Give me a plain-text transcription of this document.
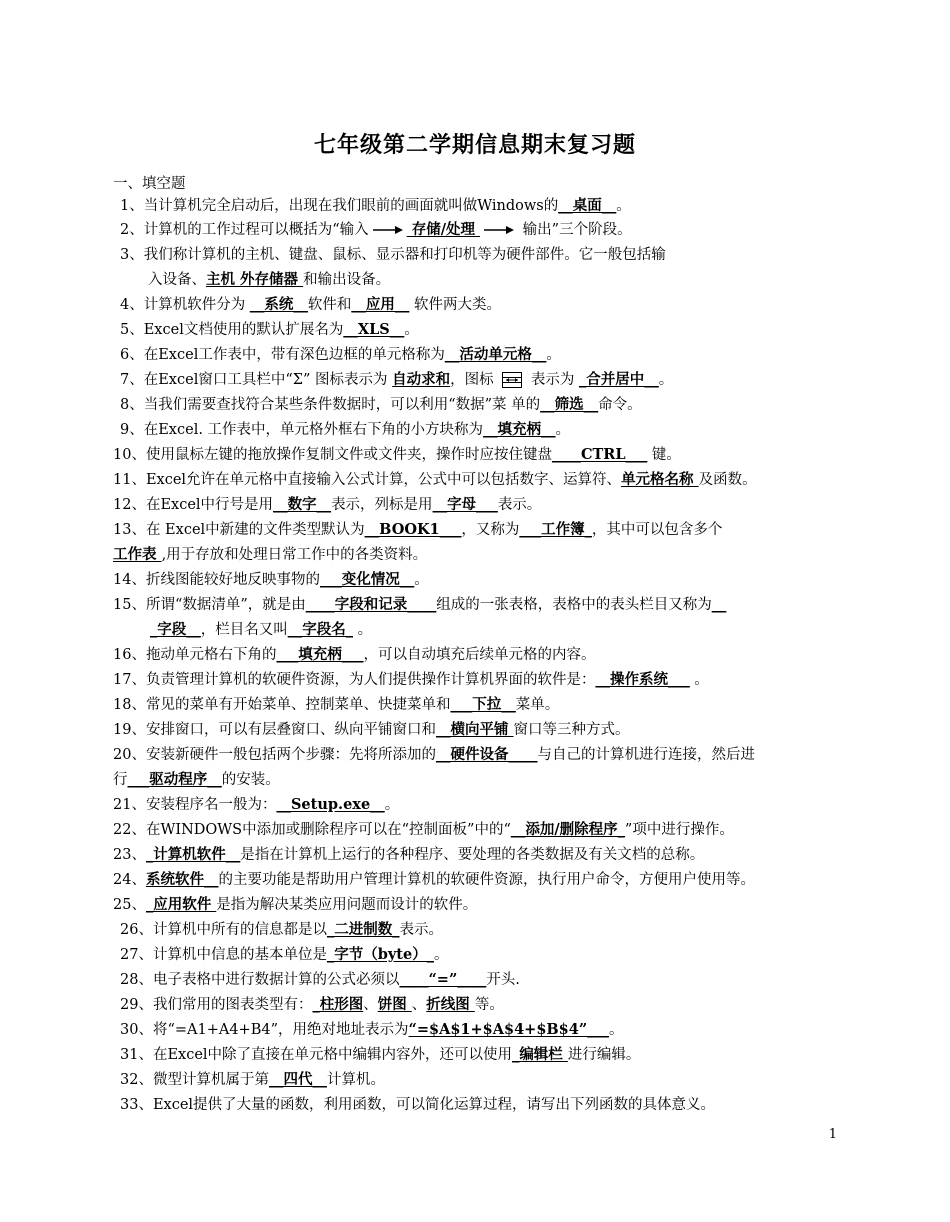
七年级第二学期信息期末复习题
一、填空题
1、当计算机完全启动后，出现在我们眼前的画面就叫做Windows的__桌面__。
2、计算机的工作过程可以概括为“输入	存储/处理	输出”三个阶段。
3、我们称计算机的主机、键盘、鼠标、显示器和打印机等为硬件部件。它一般包括输
入设备、主机 外存储器 和输出设备。
4、计算机软件分为 __系统__软件和__应用__ 软件两大类。
5、Excel文档使用的默认扩展名为__XLS__。
6、在Excel工作表中，带有深色边框的单元格称为__活动单元格__。
7、在Excel窗口工具栏中“Σ” 图标表示为 自动求和，图标  表示为 _合并居中__。
8、当我们需要查找符合某些条件数据时，可以利用“数据”菜 单的__筛选__命令。
9、在Excel. 工作表中，单元格外框右下角的小方块称为__填充柄__。
10、使用鼠标左键的拖放操作复制文件或文件夹，操作时应按住键盘____CTRL___ 键。
11、Excel允许在单元格中直接输入公式计算，公式中可以包括数字、运算符、单元格名称 及函数。
12、在Excel中行号是用__数字__表示，列标是用__字母___表示。
13、在 Excel中新建的文件类型默认为__BOOK1___，又称为___工作簿_，其中可以包含多个
工作表 ,用于存放和处理日常工作中的各类资料。
14、折线图能较好地反映事物的___变化情况__。
15、所谓“数据清单”，就是由____字段和记录____组成的一张表格，表格中的表头栏目又称为__
_字段__，栏目名又叫__字段名_ 。
16、拖动单元格右下角的___填充柄___，可以自动填充后续单元格的内容。
17、负责管理计算机的软硬件资源，为人们提供操作计算机界面的软件是：__操作系统___ 。
18、常见的菜单有开始菜单、控制菜单、快捷菜单和___下拉__菜单。
19、安排窗口，可以有层叠窗口、纵向平铺窗口和__横向平铺 窗口等三种方式。
20、安装新硬件一般包括两个步骤：先将所添加的__硬件设备____与自己的计算机进行连接，然后进
行___驱动程序__的安装。
21、安装程序名一般为：__Setup.exe__。
22、在WINDOWS中添加或删除程序可以在“控制面板”中的“__添加/删除程序_”项中进行操作。
23、_计算机软件__是指在计算机上运行的各种程序、要处理的各类数据及有关文档的总称。
24、系统软件__的主要功能是帮助用户管理计算机的软硬件资源，执行用户命令，方便用户使用等。
25、_应用软件 是指为解决某类应用问题而设计的软件。
26、计算机中所有的信息都是以_二进制数_表示。
27、计算机中信息的基本单位是_字节（byte）_。
28、电子表格中进行数据计算的公式必须以____“=”____开头.
29、我们常用的图表类型有：_柱形图、饼图 、折线图 等。
30、将“=A1+A4+B4”，用绝对地址表示为“=$A$1+$A$4+$B$4”___。
31、在Excel中除了直接在单元格中编辑内容外，还可以使用_编辑栏 进行编辑。
32、微型计算机属于第__四代__计算机。
33、Excel提供了大量的函数，利用函数，可以简化运算过程，请写出下列函数的具体意义。
1
